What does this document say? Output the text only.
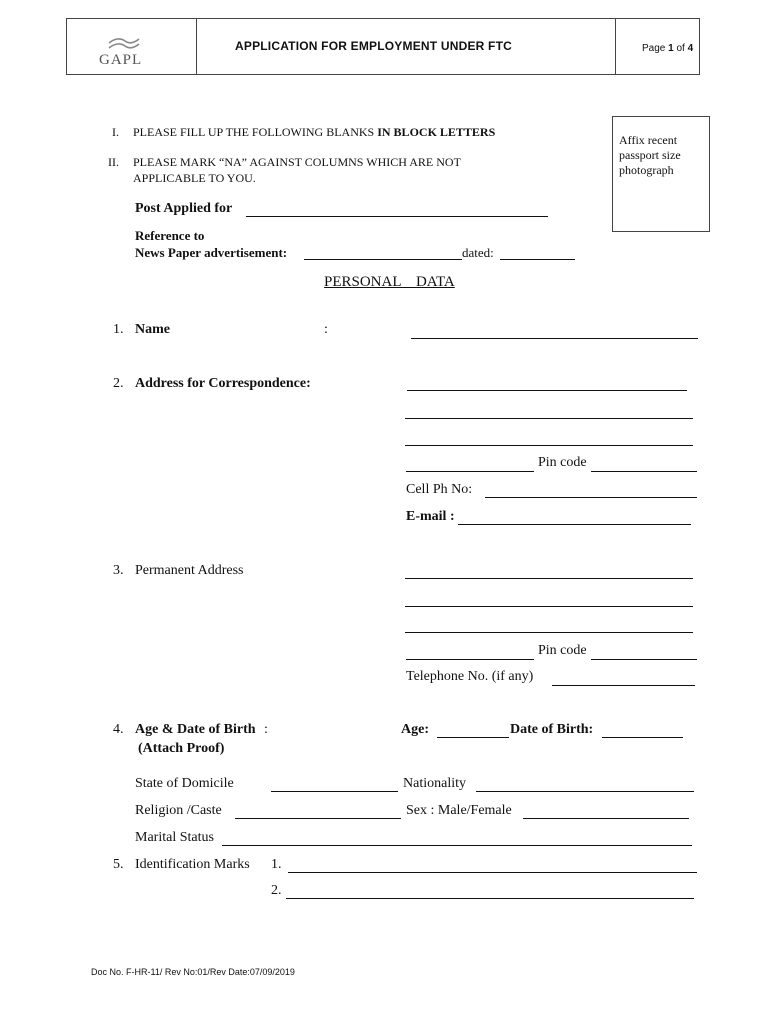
GAPL
APPLICATION FOR EMPLOYMENT UNDER FTC	Page 1 of 4
Affix recent
passport size
photograph
I. PLEASE FILL UP THE FOLLOWING BLANKS IN BLOCK LETTERS
II. PLEASE MARK “NA” AGAINST COLUMNS WHICH ARE NOT
APPLICABLE TO YOU.
Post Applied for
Reference to
News Paper advertisement:	dated:
PERSONAL    DATA
1. Name	:
2. Address for Correspondence:
Pin code
Cell Ph No:
E-mail :
3. Permanent Address
Pin code
Telephone No. (if any)
4. Age & Date of Birth :
(Attach Proof)
Age:	Date of Birth:
State of Domicile	Nationality
Religion /Caste	Sex : Male/Female
Marital Status
5. Identification Marks 1.
2.
Doc No. F-HR-11/ Rev No:01/Rev Date:07/09/2019
